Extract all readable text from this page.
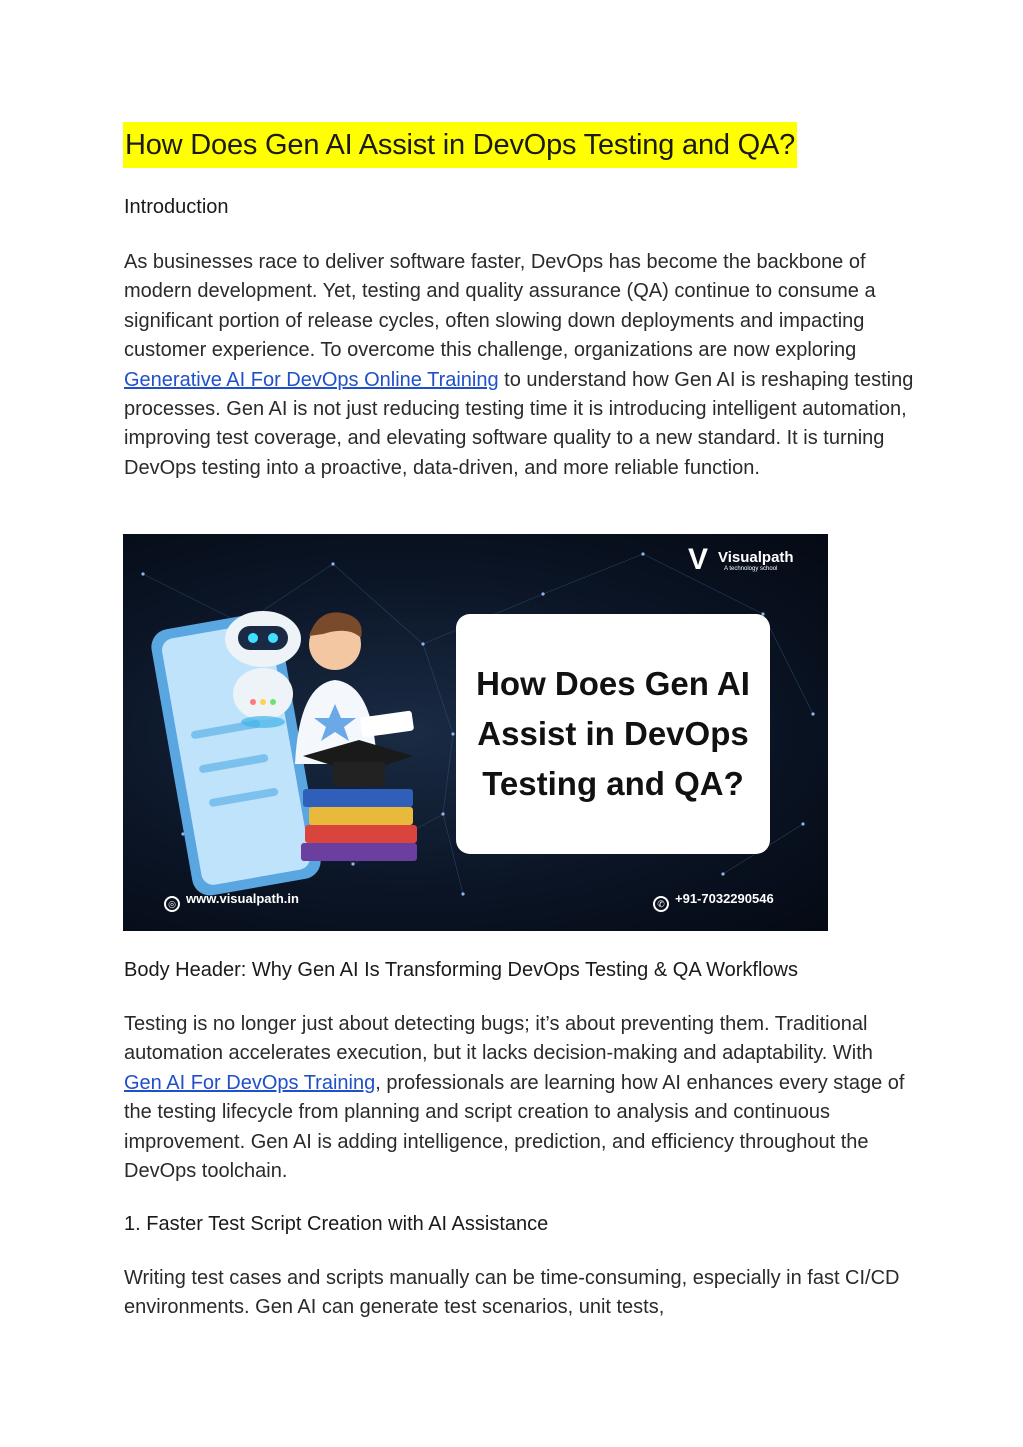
How Does Gen AI Assist in DevOps Testing and QA?
Introduction

As businesses race to deliver software faster, DevOps has become the backbone of modern development. Yet, testing and quality assurance (QA) continue to consume a significant portion of release cycles, often slowing down deployments and impacting customer experience. To overcome this challenge, organizations are now exploring Generative AI For DevOps Online Training to understand how Gen AI is reshaping testing processes. Gen AI is not just reducing testing time it is introducing intelligent automation, improving test coverage, and elevating software quality to a new standard. It is turning DevOps testing into a proactive, data-driven, and more reliable function.

V Visualpath
A technology school
How Does Gen AI Assist in DevOps Testing and QA?
◎ www.visualpath.in	✆ +91-7032290546
Body Header: Why Gen AI Is Transforming DevOps Testing & QA Workflows

Testing is no longer just about detecting bugs; it’s about preventing them. Traditional automation accelerates execution, but it lacks decision-making and adaptability. With Gen AI For DevOps Training, professionals are learning how AI enhances every stage of the testing lifecycle from planning and script creation to analysis and continuous improvement. Gen AI is adding intelligence, prediction, and efficiency throughout the DevOps toolchain.

1. Faster Test Script Creation with AI Assistance

Writing test cases and scripts manually can be time-consuming, especially in fast CI/CD environments. Gen AI can generate test scenarios, unit tests,
